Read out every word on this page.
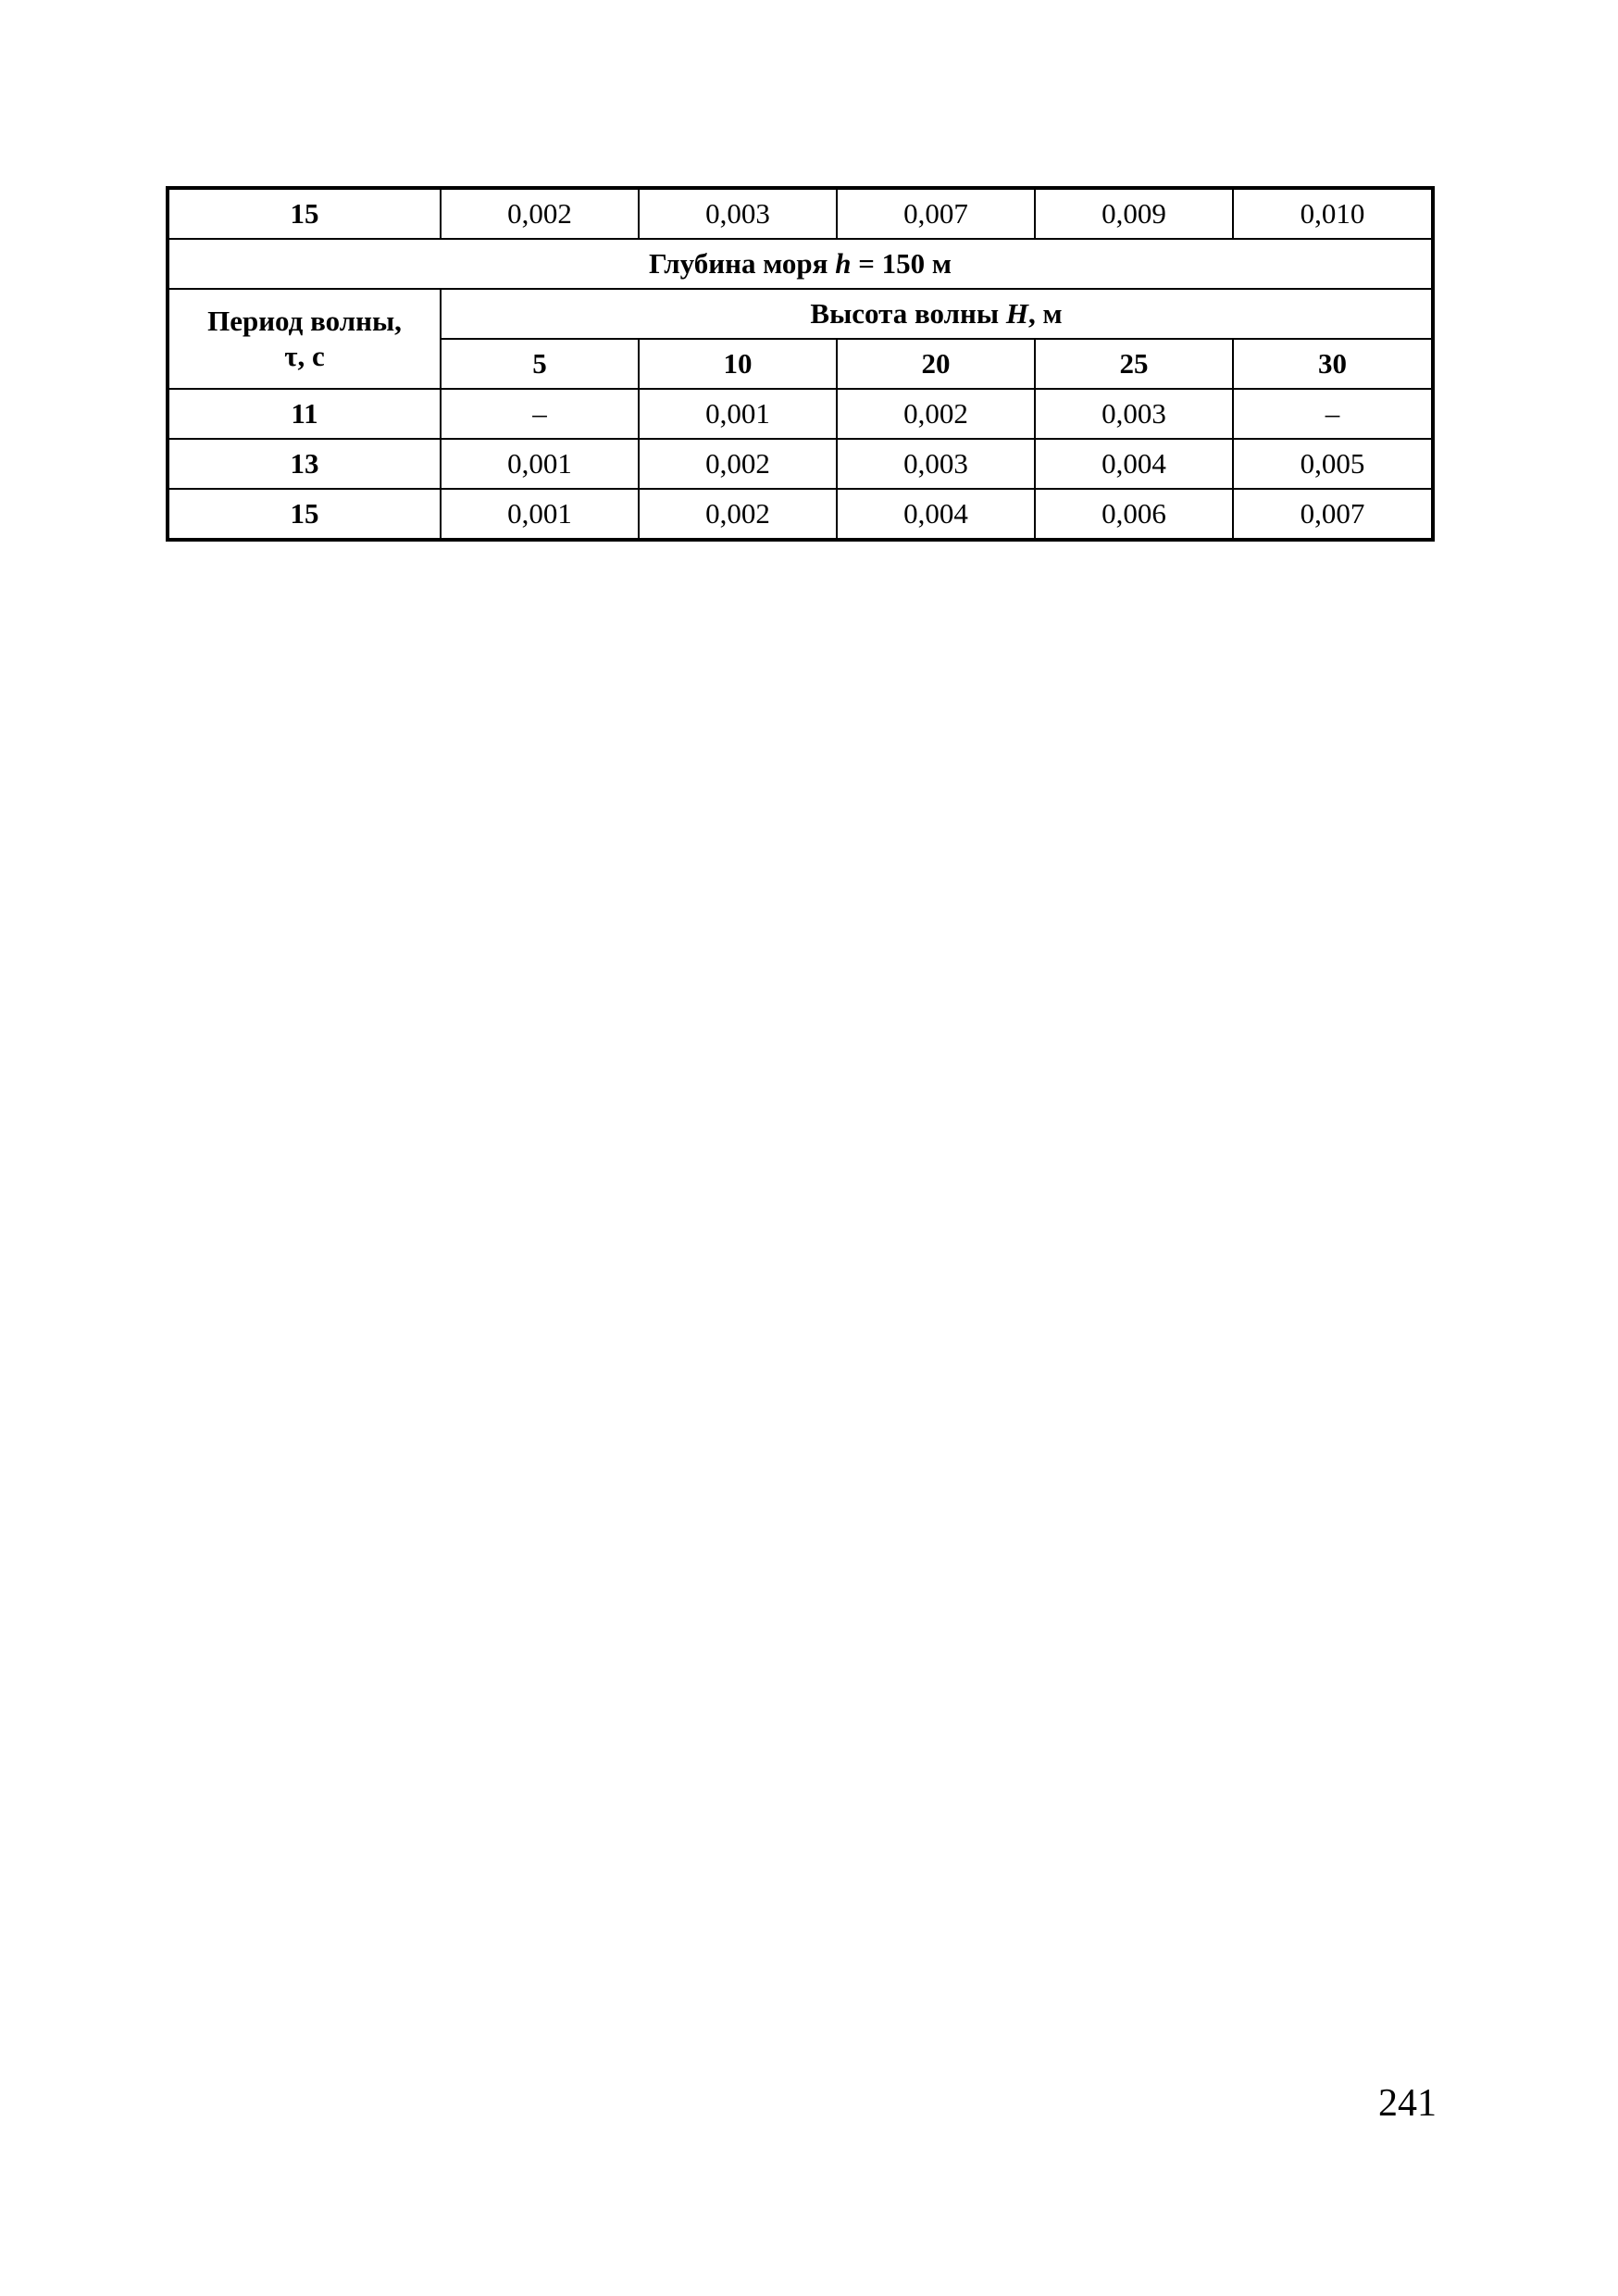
15	0,002	0,003	0,007	0,009	0,010
Глубина моря h = 150 м					
Период волны,
τ, с	Высота волны H, м				
	5	10	20	25	30
11	–	0,001	0,002	0,003	–
13	0,001	0,002	0,003	0,004	0,005
15	0,001	0,002	0,004	0,006	0,007
241
